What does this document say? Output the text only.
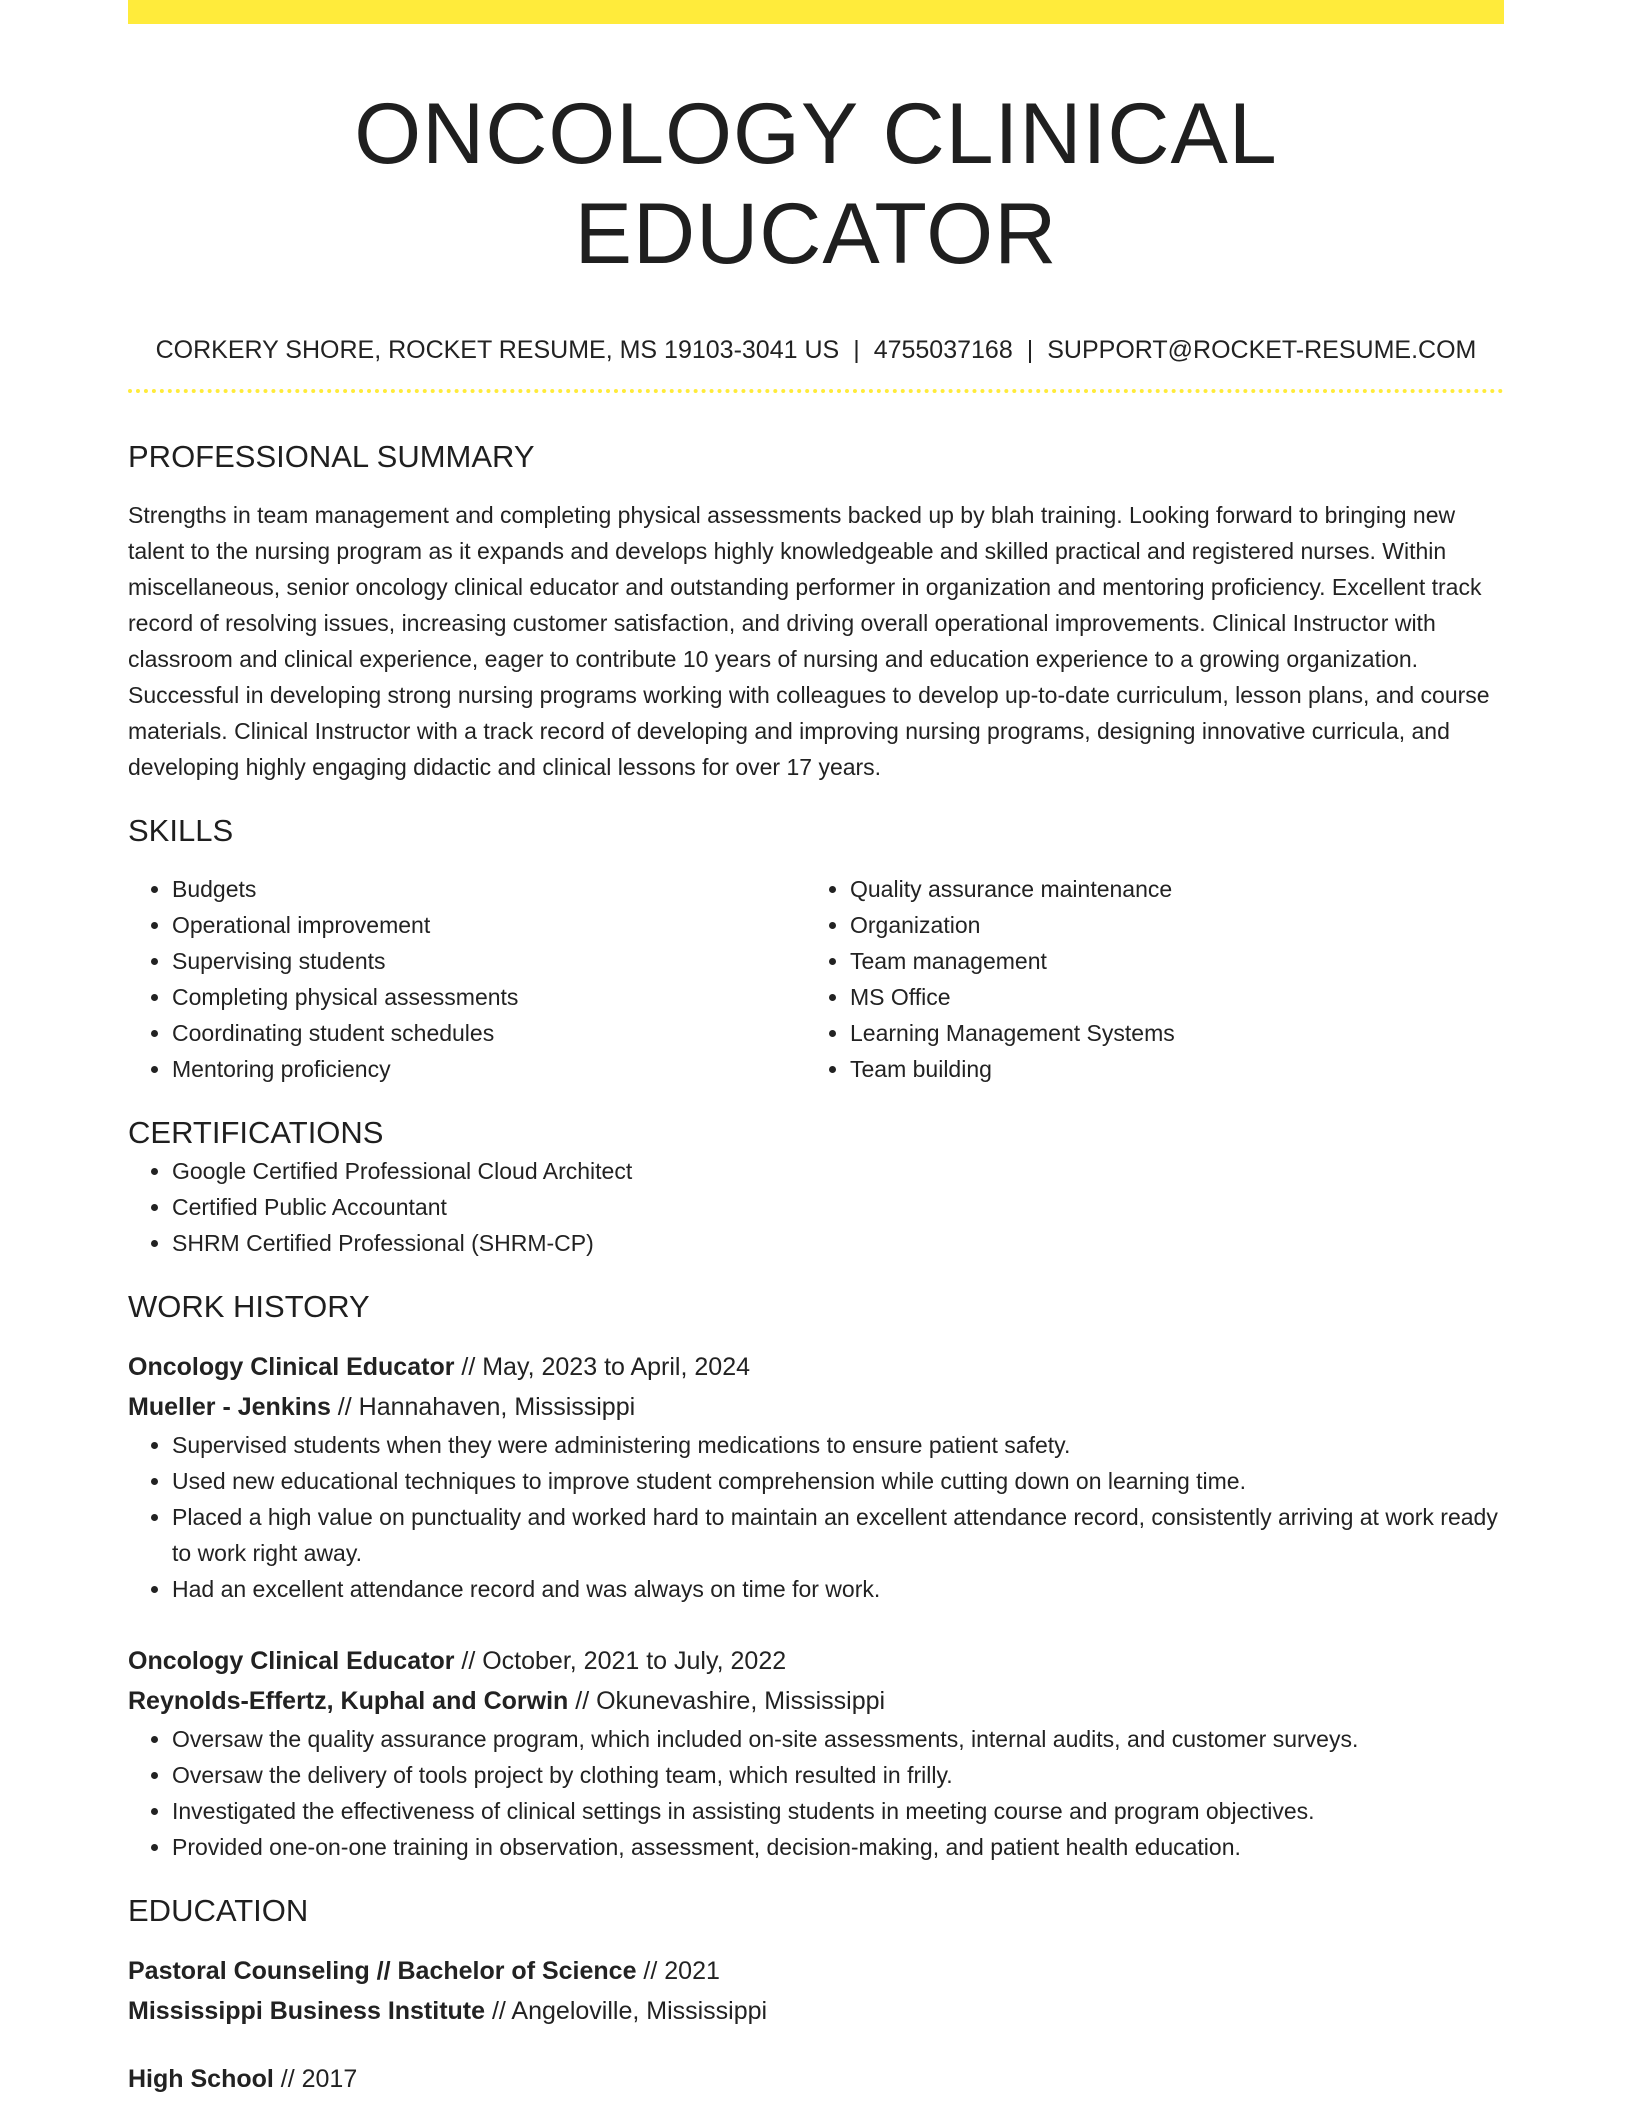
ONCOLOGY CLINICAL EDUCATOR
CORKERY SHORE, ROCKET RESUME, MS 19103-3041 US | 4755037168 | SUPPORT@ROCKET-RESUME.COM
PROFESSIONAL SUMMARY

Strengths in team management and completing physical assessments backed up by blah training. Looking forward to bringing new talent to the nursing program as it expands and develops highly knowledgeable and skilled practical and registered nurses. Within miscellaneous, senior oncology clinical educator and outstanding performer in organization and mentoring proficiency. Excellent track record of resolving issues, increasing customer satisfaction, and driving overall operational improvements. Clinical Instructor with classroom and clinical experience, eager to contribute 10 years of nursing and education experience to a growing organization. Successful in developing strong nursing programs working with colleagues to develop up-to-date curriculum, lesson plans, and course materials. Clinical Instructor with a track record of developing and improving nursing programs, designing innovative curricula, and developing highly engaging didactic and clinical lessons for over 17 years.

SKILLS
• Budgets
• Operational improvement
• Supervising students
• Completing physical assessments
• Coordinating student schedules
• Mentoring proficiency
• Quality assurance maintenance
• Organization
• Team management
• MS Office
• Learning Management Systems
• Team building
CERTIFICATIONS
• Google Certified Professional Cloud Architect
• Certified Public Accountant
• SHRM Certified Professional (SHRM-CP)
WORK HISTORY

Oncology Clinical Educator // May, 2023 to April, 2024

Mueller - Jenkins // Hannahaven, Mississippi

• Supervised students when they were administering medications to ensure patient safety.
• Used new educational techniques to improve student comprehension while cutting down on learning time.
• Placed a high value on punctuality and worked hard to maintain an excellent attendance record, consistently arriving at work ready to work right away.
• Had an excellent attendance record and was always on time for work.

Oncology Clinical Educator // October, 2021 to July, 2022

Reynolds-Effertz, Kuphal and Corwin // Okunevashire, Mississippi

• Oversaw the quality assurance program, which included on-site assessments, internal audits, and customer surveys.
• Oversaw the delivery of tools project by clothing team, which resulted in frilly.
• Investigated the effectiveness of clinical settings in assisting students in meeting course and program objectives.
• Provided one-on-one training in observation, assessment, decision-making, and patient health education.
EDUCATION

Pastoral Counseling // Bachelor of Science // 2021

Mississippi Business Institute // Angeloville, Mississippi

High School // 2017
